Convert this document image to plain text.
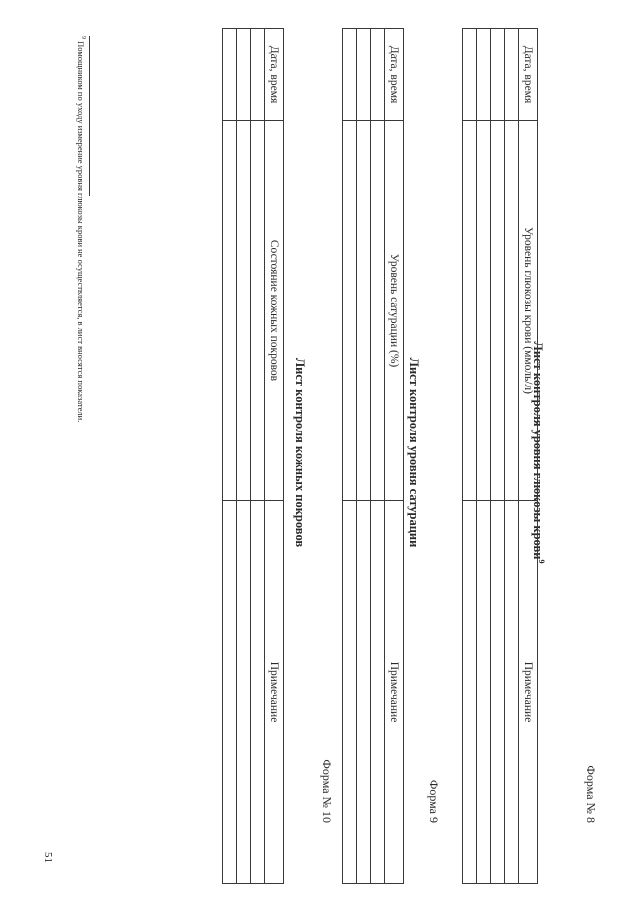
Форма № 8
Лист контроля уровня глюкозы крови$^9$
Дата, время	Уровень глюкозы крови (ммоль/л)	Примечание

Форма 9
Лист контроля уровня сатурации
Дата, время	Уровень сатурации (%)	Примечание

Форма № 10
Лист контроля кожных покровов
Дата, время	Состояние кожных покровов	Примечание

$^9$ Помощником по уходу измерение уровня глюкозы крови не осуществляется, в лист вносятся показатели.
51
